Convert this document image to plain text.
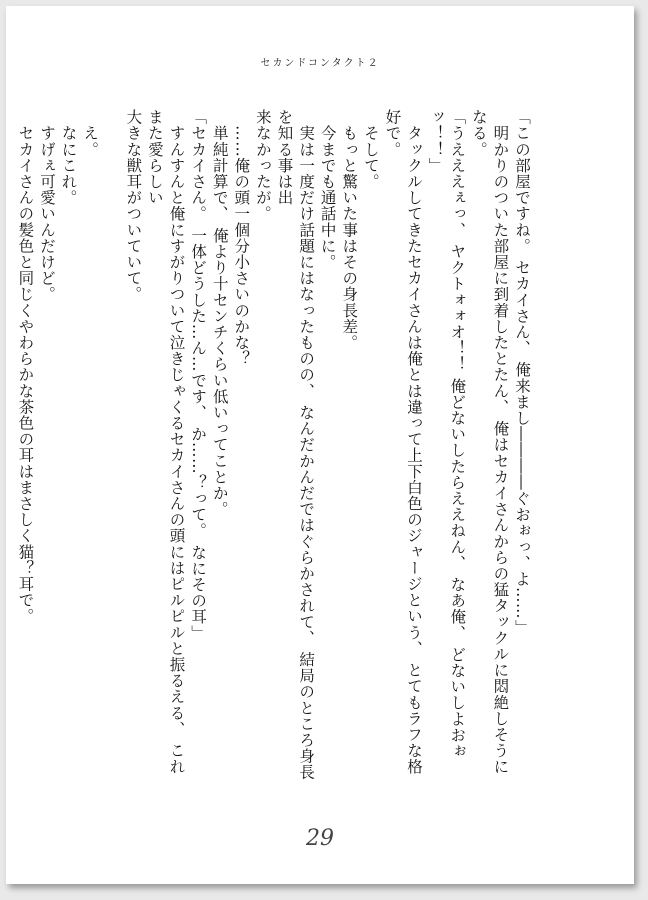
セカンドコンタクト２

「この部屋ですね。 セカイさん、 俺来まし――――ぐおぉっ、よ……」

　明かりのついた部屋に到着したとたん、 俺はセカイさんからの猛タックルに悶絶しそうになる。

「うえええぇっ、 ヤクトォォオ！！ 俺どないしたらええねん、 なあ俺、 どないしよおぉッ！！」

　タックルしてきたセカイさんは俺とは違って上下白色のジャージという、 とてもラフな格好で。

　そして。

　もっと驚いた事はその身長差。

　今までも通話中に。

　実は一度だけ話題にはなったものの、 なんだかんだではぐらかされて、 結局のところ身長を知る事は出

来なかったが。

　……俺の頭一個分小さいのかな？

　単純計算で、 俺より十センチくらい低いってことか。

「セカイさん。 一体どうした…ん…です、 か……？って。 なにその耳」

　すんすんと俺にすがりついて泣きじゃくるセカイさんの頭にはピルピルと振るえる、 これまた愛らしい

大きな獣耳がついていて。

　え。

　なにこれ。

　すげぇ可愛いんだけど。

　セカイさんの髪色と同じくやわらかな茶色の耳はまさしく猫？耳で。

29
